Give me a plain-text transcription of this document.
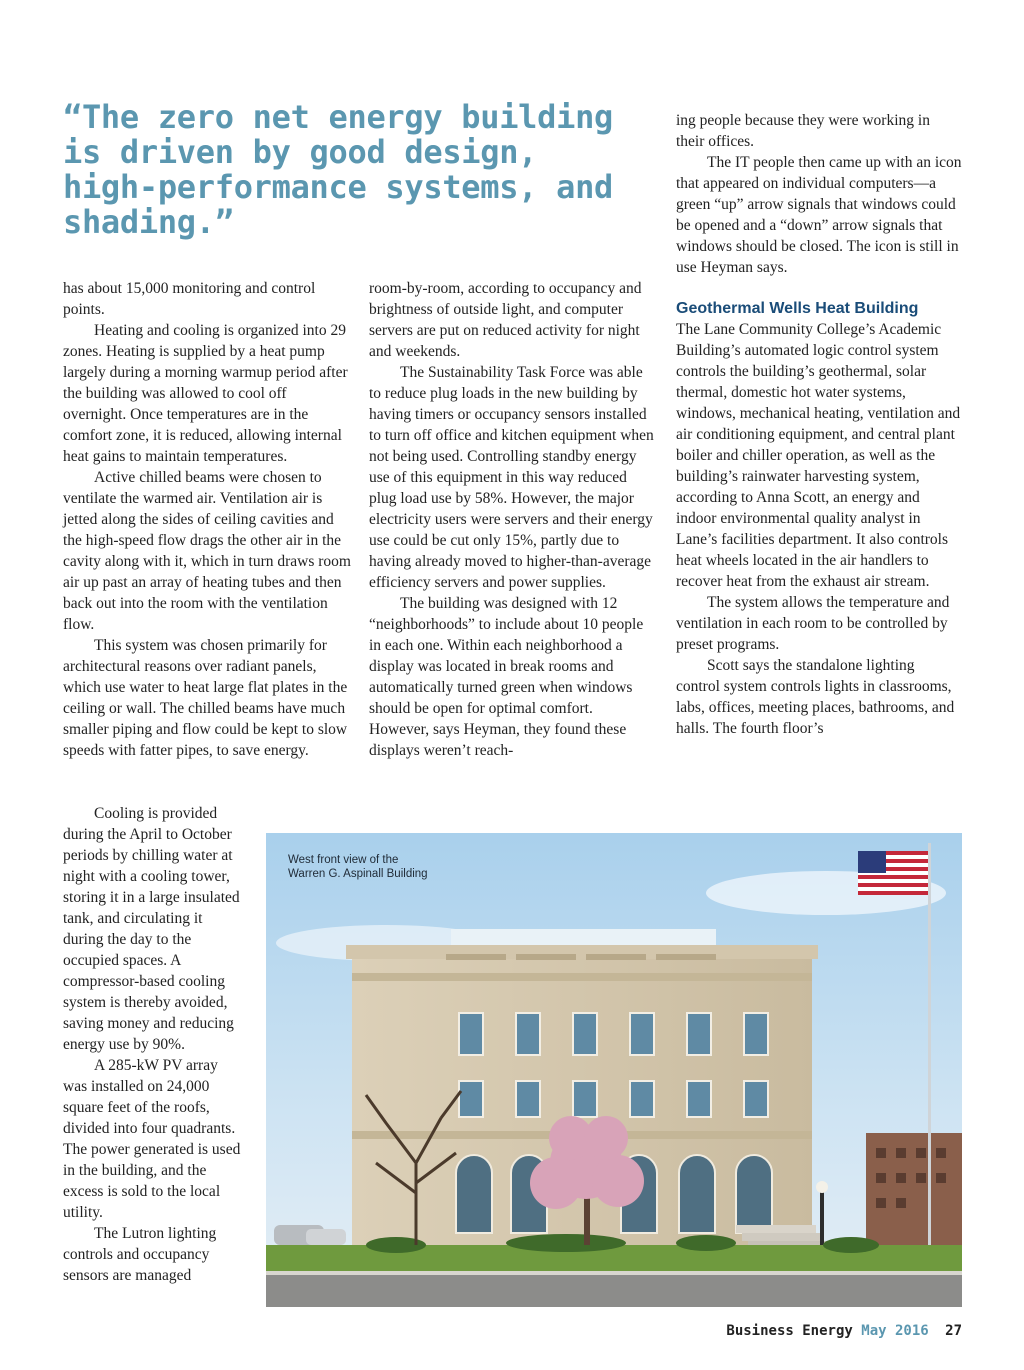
“The zero net energy building is driven by good design, high-performance systems, and shading.”

has about 15,000 monitoring and control points.

Heating and cooling is organized into 29 zones. Heating is supplied by a heat pump largely during a morning warmup period after the building was allowed to cool off overnight. Once temperatures are in the comfort zone, it is reduced, allowing internal heat gains to maintain temperatures.

Active chilled beams were chosen to ventilate the warmed air. Ventilation air is jetted along the sides of ceiling cavities and the high-speed flow drags the other air in the cavity along with it, which in turn draws room air up past an array of heating tubes and then back out into the room with the ventilation flow.

This system was chosen primarily for architectural reasons over radiant panels, which use water to heat large flat plates in the ceiling or wall. The chilled beams have much smaller piping and flow could be kept to slow speeds with fatter pipes, to save energy.

Cooling is provided during the April to October periods by chilling water at night with a cooling tower, storing it in a large insulated tank, and circulating it during the day to the occupied spaces. A compressor-based cooling system is thereby avoided, saving money and reducing energy use by 90%.

A 285-kW PV array was installed on 24,000 square feet of the roofs, divided into four quadrants. The power generated is used in the building, and the excess is sold to the local utility.

The Lutron lighting controls and occupancy sensors are managed

room-by-room, according to occupancy and brightness of outside light, and computer servers are put on reduced activity for night and weekends.

The Sustainability Task Force was able to reduce plug loads in the new building by having timers or occupancy sensors installed to turn off office and kitchen equipment when not being used. Controlling standby energy use of this equipment in this way reduced plug load use by 58%. However, the major electricity users were servers and their energy use could be cut only 15%, partly due to having already moved to higher-than-average efficiency servers and power supplies.

The building was designed with 12 “neighborhoods” to include about 10 people in each one. Within each neighborhood a display was located in break rooms and automatically turned green when windows should be open for optimal comfort. However, says Heyman, they found these displays weren’t reach-

ing people because they were working in their offices.

The IT people then came up with an icon that appeared on individual computers—a green “up” arrow signals that windows could be opened and a “down” arrow signals that windows should be closed. The icon is still in use Heyman says.

Geothermal Wells Heat Building

The Lane Community College’s Academic Building’s automated logic control system controls the building’s geothermal, solar thermal, domestic hot water systems, windows, mechanical heating, ventilation and air conditioning equipment, and central plant boiler and chiller operation, as well as the building’s rainwater harvesting system, according to Anna Scott, an energy and indoor environmental quality analyst in Lane’s facilities department. It also controls heat wheels located in the air handlers to recover heat from the exhaust air stream.

The system allows the temperature and ventilation in each room to be controlled by preset programs.

Scott says the standalone lighting control system controls lights in classrooms, labs, offices, meeting places, bathrooms, and halls. The fourth floor’s

West front view of the
Warren G. Aspinall Building
Business Energy May 2016 27
